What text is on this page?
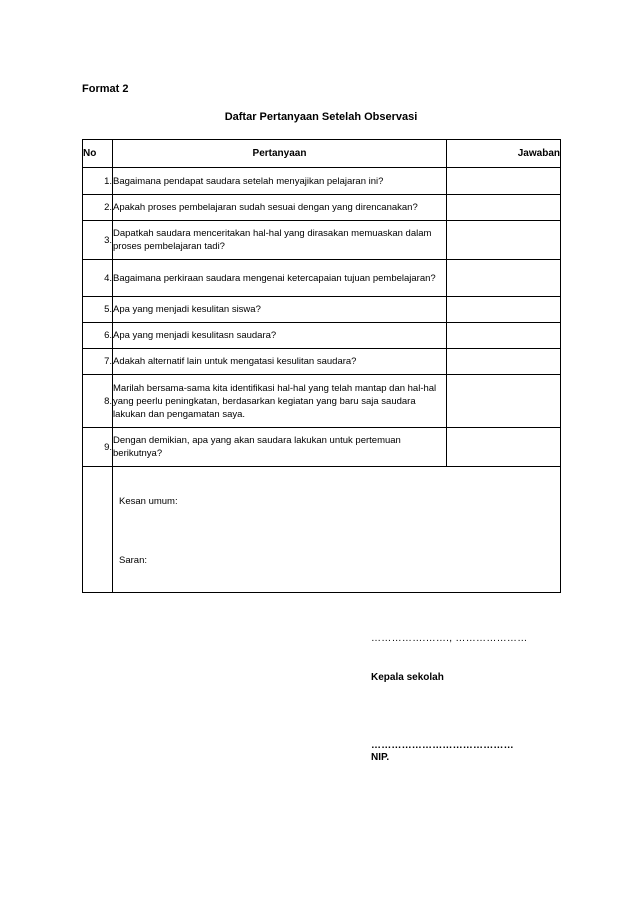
Format 2
Daftar Pertanyaan Setelah Observasi
No	Pertanyaan	Jawaban
1.	Bagaimana pendapat saudara setelah menyajikan pelajaran ini?	
2.	Apakah proses pembelajaran sudah sesuai dengan yang direncanakan?	
3.	Dapatkah saudara menceritakan hal-hal yang dirasakan memuaskan dalam proses pembelajaran tadi?	
4.	Bagaimana perkiraan saudara mengenai ketercapaian tujuan pembelajaran?	
5.	Apa yang menjadi kesulitan siswa?	
6.	Apa yang menjadi kesulitasn saudara?	
7.	Adakah alternatif lain untuk mengatasi kesulitan saudara?	
8.	Marilah bersama-sama kita identifikasi hal-hal yang telah mantap dan hal-hal yang peerlu peningkatan, berdasarkan kegiatan yang baru saja saudara lakukan dan pengamatan saya.	
9.	Dengan demikian, apa yang akan saudara lakukan untuk pertemuan berikutnya?	

	Kesan umum:
Saran:	
…………….……., …………………
Kepala sekolah
……………………………………
NIP.
